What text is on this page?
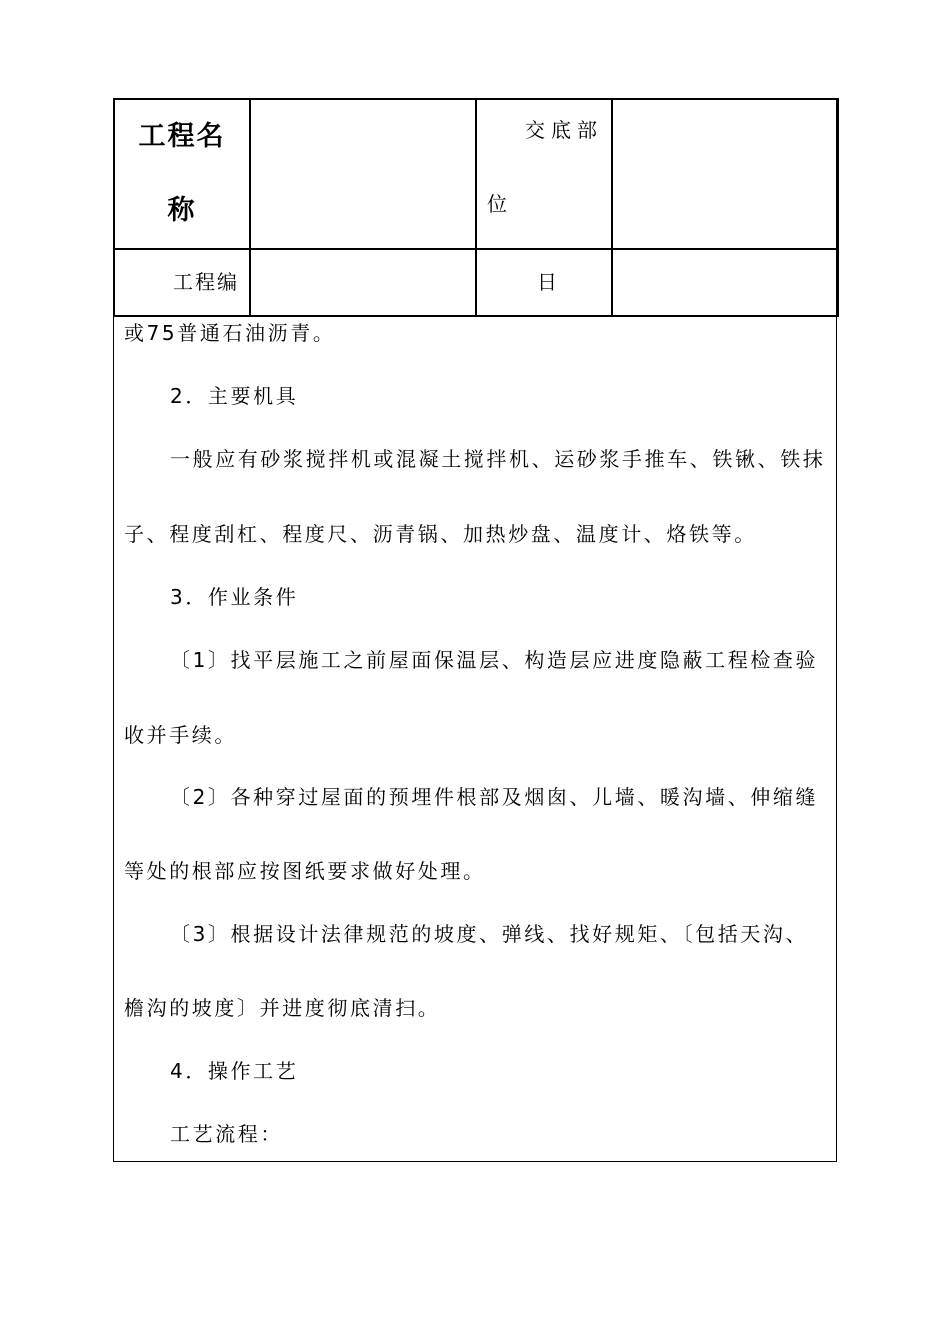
工程名称		交底部
位	

工程编		日	

或75普通石油沥青。
2．主要机具
一般应有砂浆搅拌机或混凝土搅拌机、运砂浆手推车、铁锹、铁抹
子、程度刮杠、程度尺、沥青锅、加热炒盘、温度计、烙铁等。
3．作业条件
〔1〕找平层施工之前屋面保温层、构造层应进度隐蔽工程检查验
收并手续。
〔2〕各种穿过屋面的预埋件根部及烟囱、儿墙、暖沟墙、伸缩缝
等处的根部应按图纸要求做好处理。
〔3〕根据设计法律规范的坡度、弹线、找好规矩、〔包括天沟、
檐沟的坡度〕并进度彻底清扫。
4．操作工艺
工艺流程：
